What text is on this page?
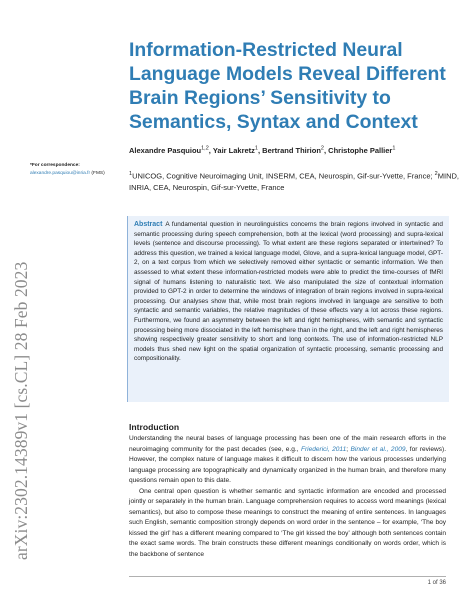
arXiv:2302.14389v1 [cs.CL] 28 Feb 2023
Information-Restricted Neural Language Models Reveal Different Brain Regions’ Sensitivity to Semantics, Syntax and Context
Alexandre Pasquiou$^{1,2}$, Yair Lakretz$^1$, Bertrand Thirion$^2$, Christophe Pallier$^1$

$^1$UNICOG, Cognitive Neuroimaging Unit, INSERM, CEA, Neurospin, Gif-sur-Yvette, France; $^2$MIND, INRIA, CEA, Neurospin, Gif-sur-Yvette, France

*For correspondence:
alexandre.pasquiou@inria.fr (FMS)

Abstract A fundamental question in neurolinguistics concerns the brain regions involved in syntactic and semantic processing during speech comprehension, both at the lexical (word processing) and supra-lexical levels (sentence and discourse processing). To what extent are these regions separated or intertwined? To address this question, we trained a lexical language model, Glove, and a supra-lexical language model, GPT-2, on a text corpus from which we selectively removed either syntactic or semantic information. We then assessed to what extent these information-restricted models were able to predict the time-courses of fMRI signal of humans listening to naturalistic text. We also manipulated the size of contextual information provided to GPT-2 in order to determine the windows of integration of brain regions involved in supra-lexical processing. Our analyses show that, while most brain regions involved in language are sensitive to both syntactic and semantic variables, the relative magnitudes of these effects vary a lot across these regions. Furthermore, we found an asymmetry between the left and right hemispheres, with semantic and syntactic processing being more dissociated in the left hemisphere than in the right, and the left and right hemispheres showing respectively greater sensitivity to short and long contexts. The use of information-restricted NLP models thus shed new light on the spatial organization of syntactic processing, semantic processing and compositionality.

Introduction

Understanding the neural bases of language processing has been one of the main research efforts in the neuroimaging community for the past decades (see, e.g., Friederici, 2011; Binder et al., 2009, for reviews). However, the complex nature of language makes it difficult to discern how the various processes underlying language processing are topographically and dynamically organized in the human brain, and therefore many questions remain open to this date.

One central open question is whether semantic and syntactic information are encoded and processed jointly or separately in the human brain. Language comprehension requires to access word meanings (lexical semantics), but also to compose these meanings to construct the meaning of entire sentences. In languages such English, semantic composition strongly depends on word order in the sentence – for example, ‘The boy kissed the girl’ has a different meaning compared to ‘The girl kissed the boy’ although both sentences contain the exact same words. The brain constructs these different meanings conditionally on words order, which is the backbone of sentence

1 of 36
